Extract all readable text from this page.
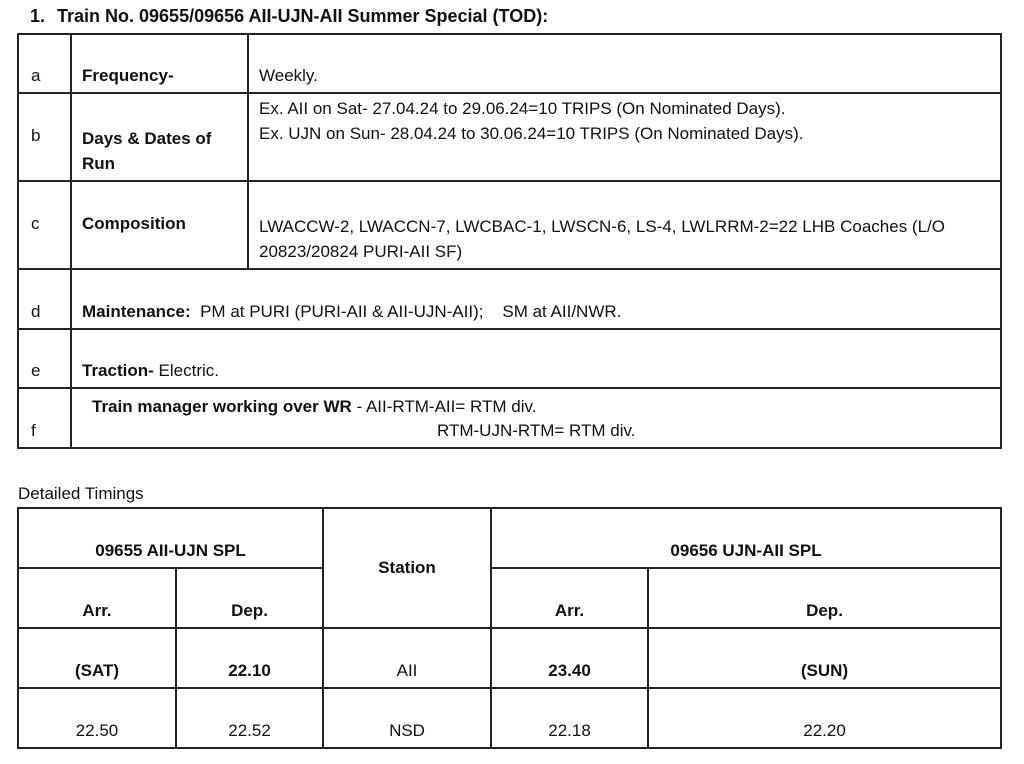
1. Train No. 09655/09656 AII-UJN-AII Summer Special (TOD):
a	Frequency-	Weekly.
b	Days & Dates of Run	Ex. AII on Sat- 27.04.24 to 29.06.24=10 TRIPS (On Nominated Days).
Ex. UJN on Sun- 28.04.24 to 30.06.24=10 TRIPS (On Nominated Days).

c	Composition	LWACCW-2, LWACCN-7, LWCBAC-1, LWSCN-6, LS-4, LWLRRM-2=22 LHB Coaches (L/O 20823/20824 PURI-AII SF)
d	Maintenance: PM at PURI (PURI-AII & AII-UJN-AII);    SM at AII/NWR.	
e	Traction- Electric.	
f	Train manager working over WR - AII-RTM-AII= RTM div.
RTM-UJN-RTM= RTM div.	
Detailed Timings
09655 AII-UJN SPL		Station	09656 UJN-AII SPL	
Arr.	Dep.		Arr.	Dep.
(SAT)	22.10	AII	23.40	(SUN)
22.50	22.52	NSD	22.18	22.20
